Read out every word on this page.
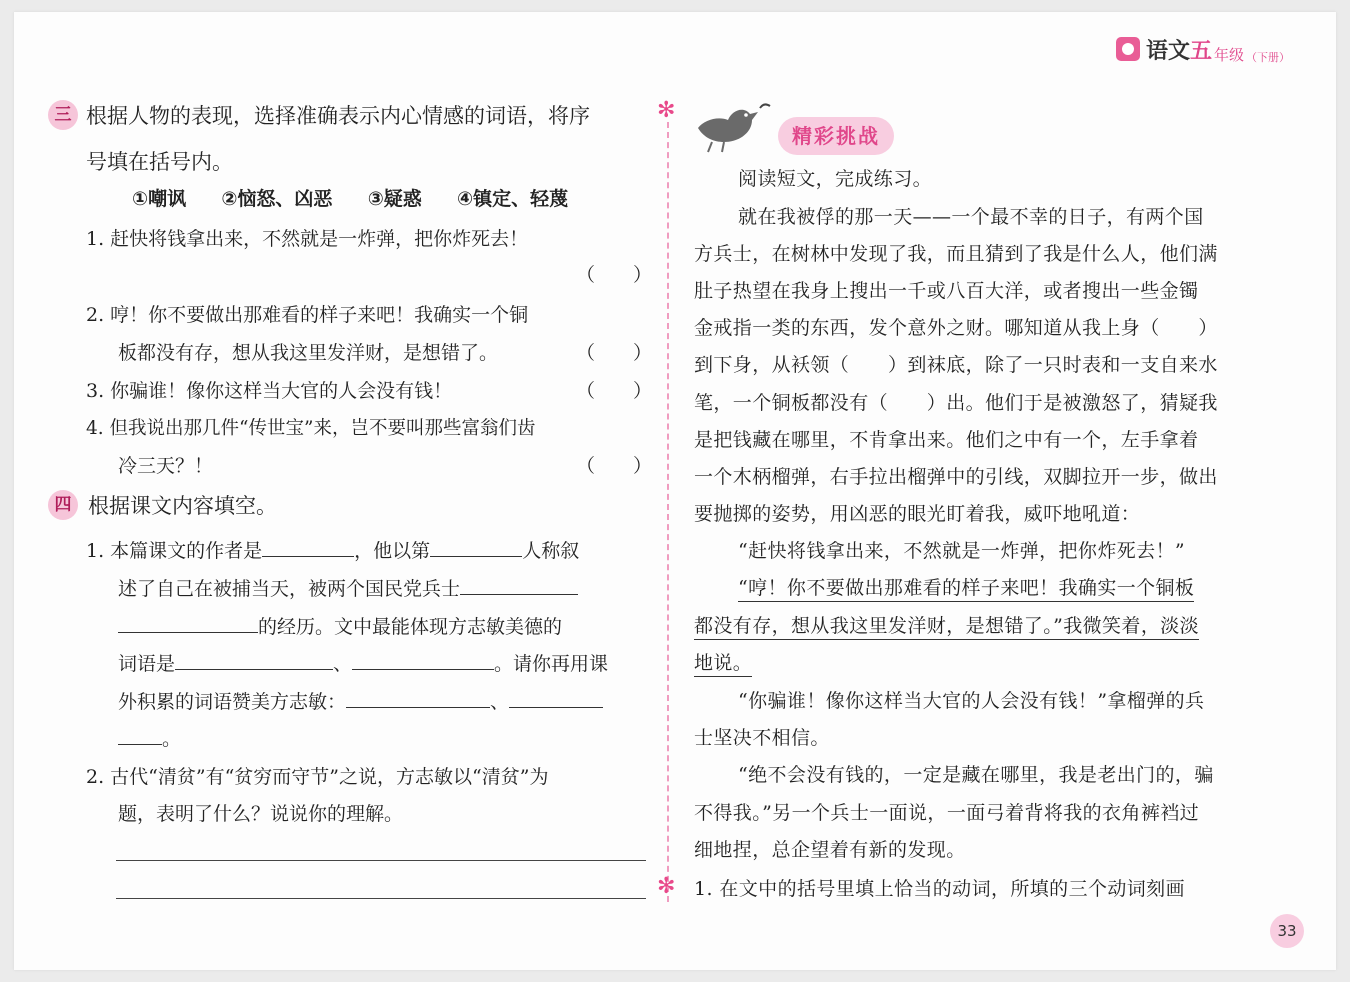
语文 五 年级 （下册）
三 根据人物的表现，选择准确表示内心情感的词语，将序
号填在括号内。
①嘲讽 ②恼怒、凶恶 ③疑惑 ④镇定、轻蔑
1. 赶快将钱拿出来，不然就是一炸弹，把你炸死去！
（　　）
2. 哼！你不要做出那难看的样子来吧！我确实一个铜
板都没有存，想从我这里发洋财，是想错了。	（　　）
3. 你骗谁！像你这样当大官的人会没有钱！	（　　）
4. 但我说出那几件“传世宝”来，岂不要叫那些富翁们齿
冷三天？！	（　　）
四 根据课文内容填空。
1. 本篇课文的作者是	，他以第	人称叙
述了自己在被捕当天，被两个国民党兵士
的经历。文中最能体现方志敏美德的
词语是	、	。请你再用课
外积累的词语赞美方志敏：	、
。
2. 古代“清贫”有“贫穷而守节”之说，方志敏以“清贫”为
题，表明了什么？说说你的理解。
✻
✻
精彩挑战
阅读短文，完成练习。
就在我被俘的那一天——一个最不幸的日子，有两个国
方兵士，在树林中发现了我，而且猜到了我是什么人，他们满
肚子热望在我身上搜出一千或八百大洋，或者搜出一些金镯
金戒指一类的东西，发个意外之财。哪知道从我上身（　　）
到下身，从袄领（　　）到袜底，除了一只时表和一支自来水
笔，一个铜板都没有（　　）出。他们于是被激怒了，猜疑我
是把钱藏在哪里，不肯拿出来。他们之中有一个，左手拿着
一个木柄榴弹，右手拉出榴弹中的引线，双脚拉开一步，做出
要抛掷的姿势，用凶恶的眼光盯着我，威吓地吼道：
“赶快将钱拿出来，不然就是一炸弹，把你炸死去！”
“哼！你不要做出那难看的样子来吧！我确实一个铜板
都没有存，想从我这里发洋财，是想错了。”我微笑着，淡淡
地说。
“你骗谁！像你这样当大官的人会没有钱！”拿榴弹的兵
士坚决不相信。
“绝不会没有钱的，一定是藏在哪里，我是老出门的，骗
不得我。”另一个兵士一面说，一面弓着背将我的衣角裤裆过
细地捏，总企望着有新的发现。
1. 在文中的括号里填上恰当的动词，所填的三个动词刻画
33
